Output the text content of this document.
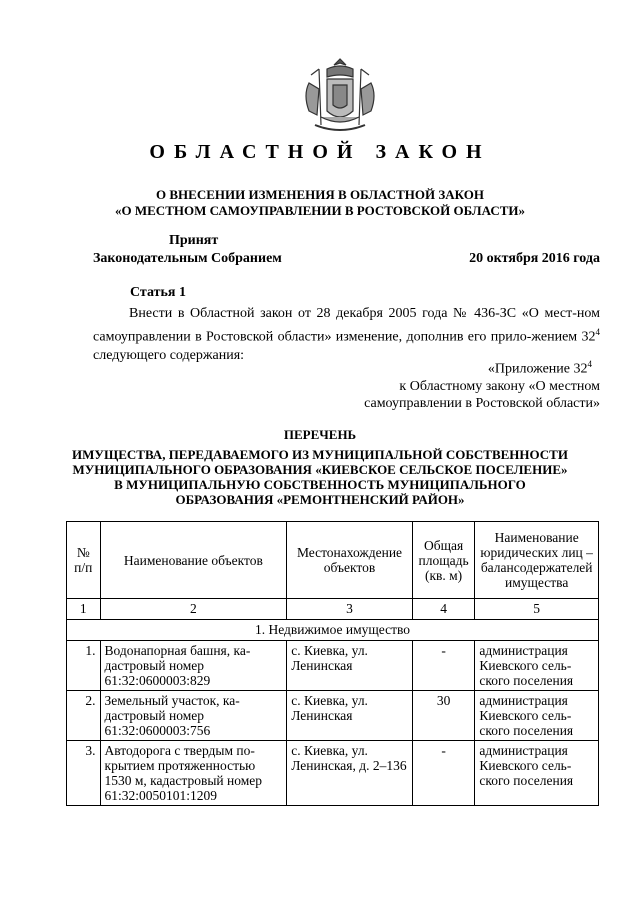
ОБЛАСТНОЙ ЗАКОН
О ВНЕСЕНИИ ИЗМЕНЕНИЯ В ОБЛАСТНОЙ ЗАКОН
«О МЕСТНОМ САМОУПРАВЛЕНИИ В РОСТОВСКОЙ ОБЛАСТИ»
Принят
Законодательным Собранием	20 октября 2016 года
Статья 1

Внести в Областной закон от 28 декабря 2005 года № 436-ЗС «О мест-ном самоуправлении в Ростовской области» изменение, дополнив его прило-жением $32^4$ следующего содержания:

«Приложение $32^4$
к Областному закону «О местном
самоуправлении в Ростовской области»
ПЕРЕЧЕНЬ
ИМУЩЕСТВА, ПЕРЕДАВАЕМОГО ИЗ МУНИЦИПАЛЬНОЙ СОБСТВЕННОСТИ
МУНИЦИПАЛЬНОГО ОБРАЗОВАНИЯ «КИЕВСКОЕ СЕЛЬСКОЕ ПОСЕЛЕНИЕ»
В МУНИЦИПАЛЬНУЮ СОБСТВЕННОСТЬ МУНИЦИПАЛЬНОГО
ОБРАЗОВАНИЯ «РЕМОНТНЕНСКИЙ РАЙОН»
№ п/п	Наименование объектов	Местонахождение объектов	Общая площадь (кв. м)	Наименование юридических лиц – балансодержателей имущества
1	2	3	4	5
1. Недвижимое имущество				
1.	Водонапорная башня, ка-дастровый номер 61:32:0600003:829	с. Киевка, ул. Ленинская	-	администрация Киевского сель-ского поселения
2.	Земельный участок, ка-дастровый номер 61:32:0600003:756	с. Киевка, ул. Ленинская	30	администрация Киевского сель-ского поселения
3.	Автодорога с твердым по-крытием протяженностью 1530 м, кадастровый номер 61:32:0050101:1209	с. Киевка, ул. Ленинская, д. 2–136	-	администрация Киевского сель-ского поселения
